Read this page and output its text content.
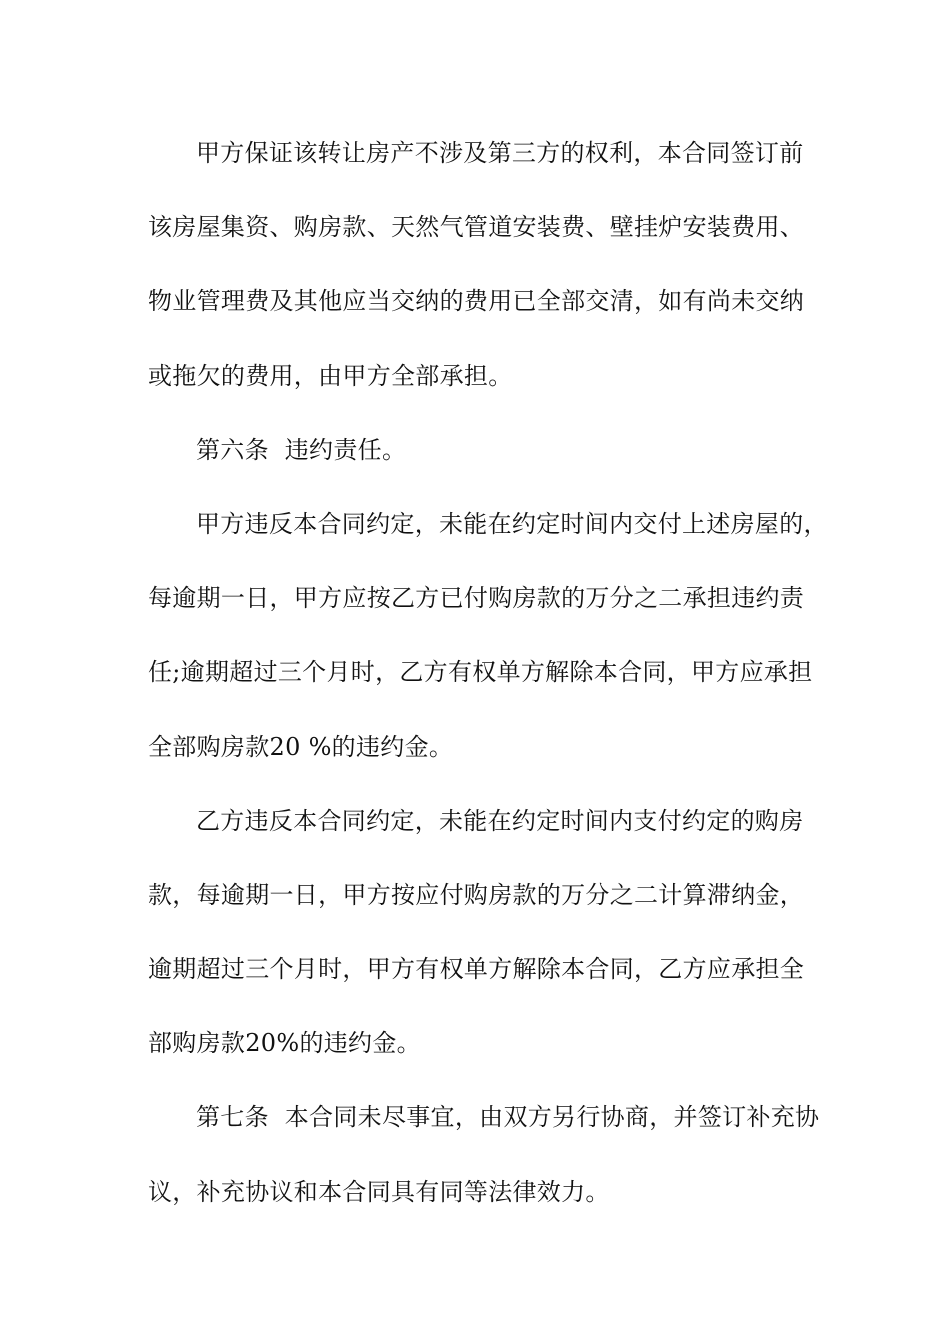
甲方保证该转让房产不涉及第三方的权利，本合同签订前
该房屋集资、购房款、天然气管道安装费、壁挂炉安装费用、
物业管理费及其他应当交纳的费用已全部交清，如有尚未交纳
或拖欠的费用，由甲方全部承担。
第六条  违约责任。
甲方违反本合同约定，未能在约定时间内交付上述房屋的，
每逾期一日，甲方应按乙方已付购房款的万分之二承担违约责
任;逾期超过三个月时，乙方有权单方解除本合同，甲方应承担
全部购房款20 %的违约金。
乙方违反本合同约定，未能在约定时间内支付约定的购房
款，每逾期一日，甲方按应付购房款的万分之二计算滞纳金，
逾期超过三个月时，甲方有权单方解除本合同，乙方应承担全
部购房款20%的违约金。
第七条  本合同未尽事宜，由双方另行协商，并签订补充协
议，补充协议和本合同具有同等法律效力。
